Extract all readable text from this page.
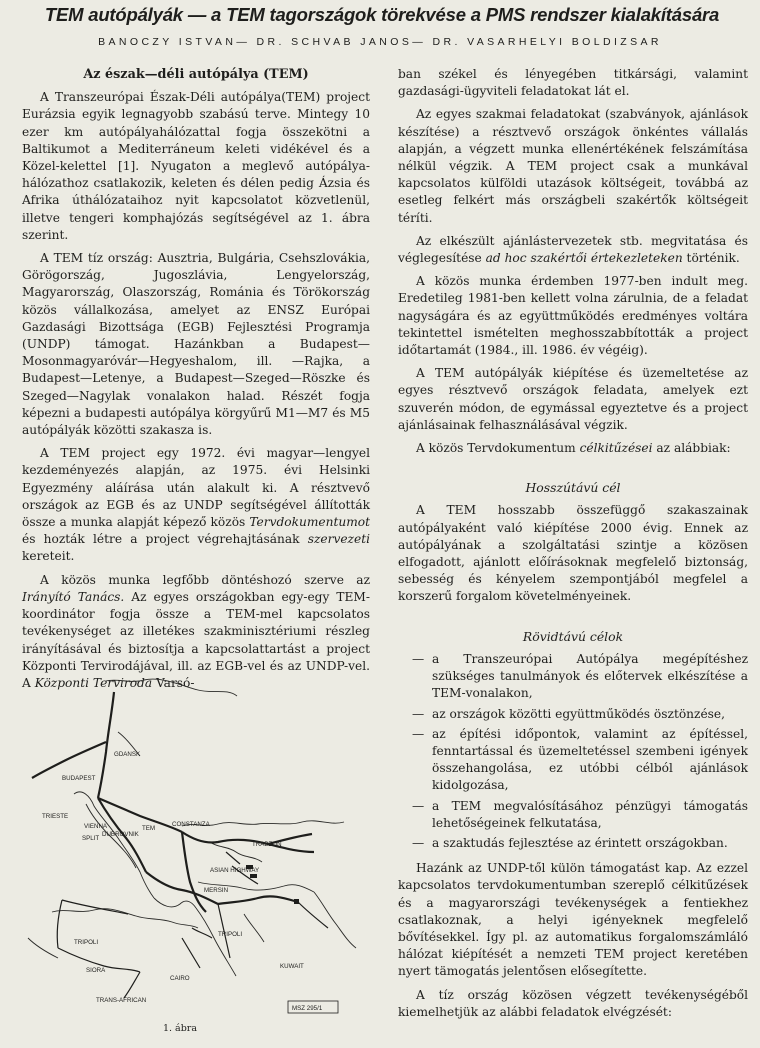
TEM autópályák — a TEM tagországok törekvése a PMS rendszer kialakítására
BANOCZY ISTVAN— DR. SCHVAB JANOS— DR. VASARHELYI BOLDIZSAR
Az észak—déli autópálya (TEM)

A Transzeurópai Észak-Déli autópálya(TEM) project Eurázsia egyik legnagyobb szabású terve. Mintegy 10 ezer km autópályahálózattal fogja összekötni a Baltikumot a Mediterráneum keleti vidékével és a Közel-kelettel [1]. Nyugaton a meglevő autópálya-hálózathoz csatlakozik, keleten és délen pedig Ázsia és Afrika úthálózataihoz nyit kapcsolatot közvetlenül, illetve tengeri komphajózás segítségével az 1. ábra szerint.

A TEM tíz ország: Ausztria, Bulgária, Csehszlovákia, Görögország, Jugoszlávia, Lengyelország, Magyarország, Olaszország, Románia és Törökország közös vállalkozása, amelyet az ENSZ Európai Gazdasági Bizottsága (EGB) Fejlesztési Programja (UNDP) támogat. Hazánkban a Budapest—Mosonmagyaróvár—Hegyeshalom, ill. —Rajka, a Budapest—Letenye, a Budapest—Szeged—Röszke és Szeged—Nagylak vonalakon halad. Részét fogja képezni a budapesti autópálya körgyűrű M1—M7 és M5 autópályák közötti szakasza is.

A TEM project egy 1972. évi magyar—lengyel kezdeményezés alapján, az 1975. évi Helsinki Egyezmény aláírása után alakult ki. A résztvevő országok az EGB és az UNDP segítségével állították össze a munka alapját képező közös Tervdokumentumot és hozták létre a project végrehajtásának szervezeti kereteit.

A közös munka legfőbb döntéshozó szerve az Irányító Tanács. Az egyes országokban egy-egy TEM-koordinátor fogja össze a TEM-mel kapcsolatos tevékenységet az illetékes szakminisztériumi részleg irányításával és biztosítja a kapcsolattartást a project Központi Tervirodájával, ill. az EGB-vel és az UNDP-vel. A Központi Terviroda Varsó-

GDANSK
BUDAPEST
TRIESTE
VIENNA
SPLIT
DUBROVNIK
TEM
CONSTANZA
TRABZON
ASIAN HIGHWAY
MERSIN
TRIPOLI
TRIPOLI
SIORA
CAIRO
KUWAIT
TRANS-AFRICAN
MSZ 295/1
1. ábra

ban székel és lényegében titkársági, valamint gazdasági-ügyviteli feladatokat lát el.

Az egyes szakmai feladatokat (szabványok, ajánlások készítése) a résztvevő országok önkéntes vállalás alapján, a végzett munka ellenértékének felszámítása nélkül végzik. A TEM project csak a munkával kapcsolatos külföldi utazások költségeit, továbbá az esetleg felkért más országbeli szakértők költségeit téríti.

Az elkészült ajánlástervezetek stb. megvitatása és véglegesítése ad hoc szakértői értekezleteken történik.

A közös munka érdemben 1977-ben indult meg. Eredetileg 1981-ben kellett volna zárulnia, de a feladat nagyságára és az együttműködés eredményes voltára tekintettel ismételten meghosszabbították a project időtartamát (1984., ill. 1986. év végéig).

A TEM autópályák kiépítése és üzemeltetése az egyes résztvevő országok feladata, amelyek ezt szuverén módon, de egymással egyeztetve és a project ajánlásainak felhasználásával végzik.

A közös Tervdokumentum célkitűzései az alábbiak:

Hosszútávú cél

A TEM hosszabb összefüggő szakaszainak autópályaként való kiépítése 2000 évig. Ennek az autópályának a szolgáltatási szintje a közösen elfogadott, ajánlott előírásoknak megfelelő biztonság, sebesség és kényelem szempontjából megfelel a korszerű forgalom követelményeinek.

Rövidtávú célok
— a Transzeurópai Autópálya megépítéshez szükséges tanulmányok és előtervek elkészítése a TEM-vonalakon,
— az országok közötti együttműködés ösztönzése,
— az építési időpontok, valamint az építéssel, fenntartással és üzemeltetéssel szembeni igények összehangolása, ez utóbbi célból ajánlások kidolgozása,
— a TEM megvalósításához pénzügyi támogatás lehetőségeinek felkutatása,
— a szaktudás fejlesztése az érintett országokban.

Hazánk az UNDP-től külön támogatást kap. Az ezzel kapcsolatos tervdokumentumban szereplő célkitűzések és a magyarországi tevékenységek a fentiekhez csatlakoznak, a helyi igényeknek megfelelő bővítésekkel. Így pl. az automatikus forgalomszámláló hálózat kiépítését a nemzeti TEM project keretében nyert tämogatás jelentősen elősegítette.

A tíz ország közösen végzett tevékenységéből kiemelhetjük az alábbi feladatok elvégzését:
